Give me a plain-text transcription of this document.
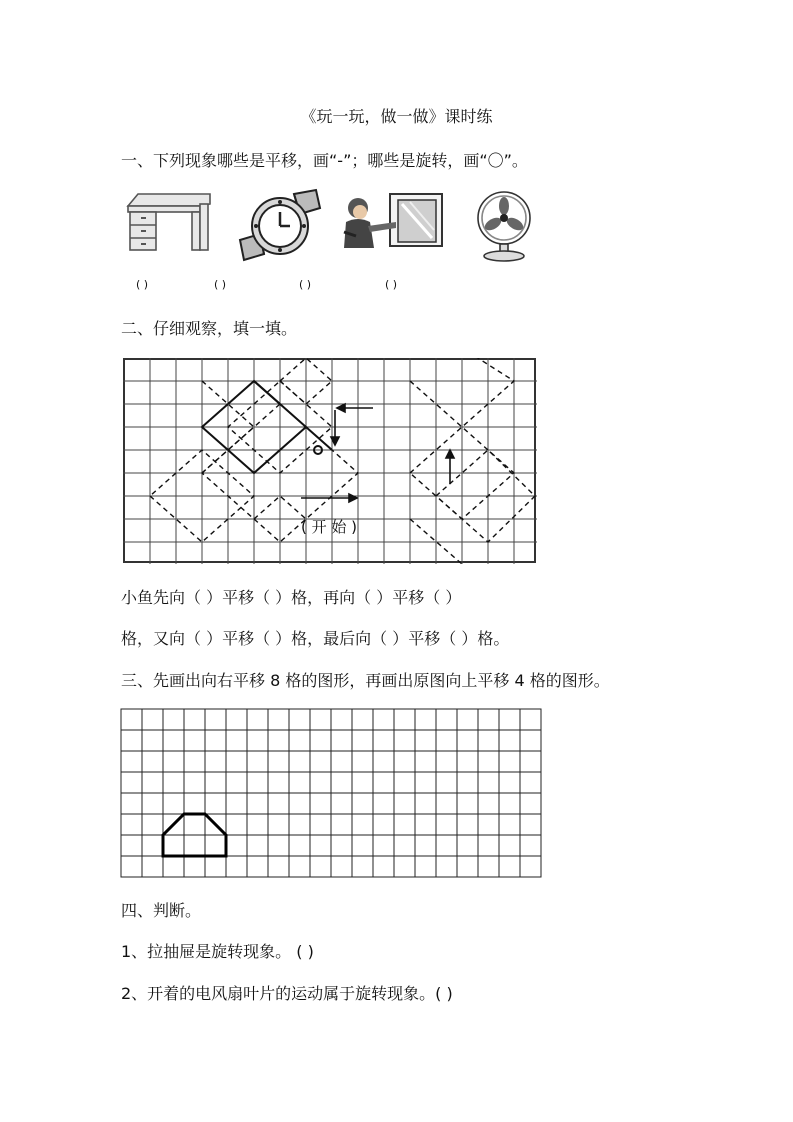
《玩一玩，做一做》课时练
一、下列现象哪些是平移，画“-”；哪些是旋转，画“〇”。
( )	( )	( )	( )
二、仔细观察，填一填。
( 开 始 )
小鱼先向（ ）平移（ ）格，再向（ ）平移（ ）
格，又向（ ）平移（ ）格，最后向（ ）平移（ ）格。
三、先画出向右平移 8 格的图形，再画出原图向上平移 4 格的图形。
四、判断。
1、拉抽屉是旋转现象。 ( )
2、开着的电风扇叶片的运动属于旋转现象。( )
